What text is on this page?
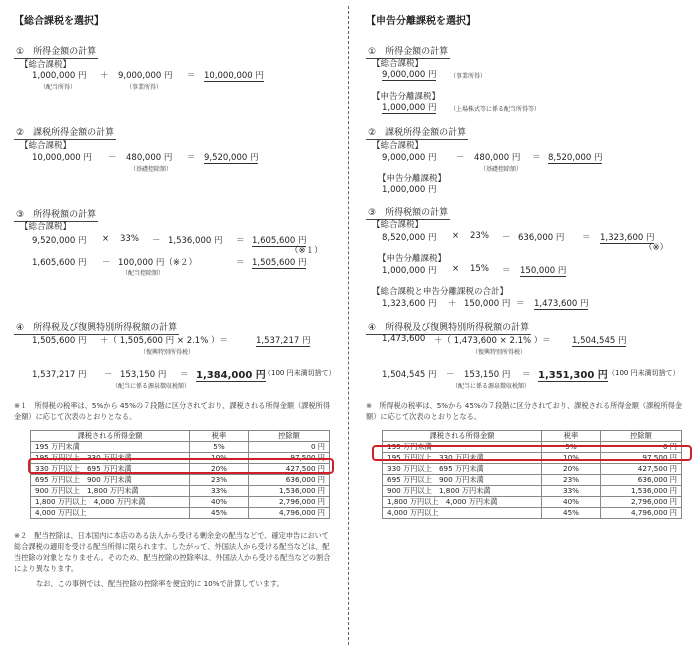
【総合課税を選択】
①　所得金額の計算
【総合課税】
1,000,000 円 ＋ 9,000,000 円 ＝ 10,000,000 円
（配当所得）	（事業所得）
②　課税所得金額の計算
【総合課税】
10,000,000 円 － 480,000 円 ＝ 9,520,000 円
（基礎控除額）
③　所得税額の計算
【総合課税】
9,520,000 円 × 33% － 1,536,000 円 ＝ 1,605,600 円
（※１）
1,605,600 円 － 100,000 円（※２）	＝ 1,505,600 円
（配当控除額）
④　所得税及び復興特別所得税額の計算
1,505,600 円 ＋（ 1,505,600 円 × 2.1% ）＝	1,537,217 円
（復興特別所得税）
1,537,217 円 － 153,150 円 ＝ 1,384,000 円
（100 円未満切捨て）
（配当に係る源泉徴収税額）
※１　所得税の税率は、5%から 45%の７段階に区分されており、課税される所得金額（課税所得金額）に応じて次表のとおりとなる。
課税される所得金額	税率	控除額
195 万円未満	5%	0 円
195 万円以上　330 万円未満	10%	97,500 円
330 万円以上　695 万円未満	20%	427,500 円
695 万円以上　900 万円未満	23%	636,000 円
900 万円以上　1,800 万円未満	33%	1,536,000 円
1,800 万円以上　4,000 万円未満	40%	2,796,000 円
4,000 万円以上	45%	4,796,000 円
※２　配当控除は、日本国内に本店のある法人から受ける剰余金の配当などで、確定申告において総合課税の適用を受ける配当所得に限られます。したがって、外国法人から受ける配当などは、配当控除の対象となりません。そのため、配当控除の控除率は、外国法人から受ける配当などの割合により異なります。
なお、この事例では、配当控除の控除率を便宜的に 10%で計算しています。
【申告分離課税を選択】
①　所得金額の計算
【総合課税】
9,000,000 円 （事業所得）
【申告分離課税】
1,000,000 円 （上場株式等に係る配当所得等）
②　課税所得金額の計算
【総合課税】
9,000,000 円 － 480,000 円 ＝ 8,520,000 円
（基礎控除額）
【申告分離課税】
1,000,000 円
③　所得税額の計算
【総合課税】
8,520,000 円 × 23% － 636,000 円 ＝ 1,323,600 円
（※）
【申告分離課税】
1,000,000 円 × 15% ＝ 150,000 円
【総合課税と申告分離課税の合計】
1,323,600 円 ＋ 150,000 円 ＝ 1,473,600 円
④　所得税及び復興特別所得税額の計算
1,473,600 ＋（ 1,473,600 × 2.1% ）＝ 1,504,545 円
（復興特別所得税）
1,504,545 円 － 153,150 円 ＝ 1,351,300 円 （100 円未満切捨て）
（配当に係る源泉徴収税額）
※　所得税の税率は、5%から 45%の７段階に区分されており、課税される所得金額（課税所得金額）に応じて次表のとおりとなる。
課税される所得金額	税率	控除額
195 万円未満	5%	0 円
195 万円以上　330 万円未満	10%	97,500 円
330 万円以上　695 万円未満	20%	427,500 円
695 万円以上　900 万円未満	23%	636,000 円
900 万円以上　1,800 万円未満	33%	1,536,000 円
1,800 万円以上　4,000 万円未満	40%	2,796,000 円
4,000 万円以上	45%	4,796,000 円
